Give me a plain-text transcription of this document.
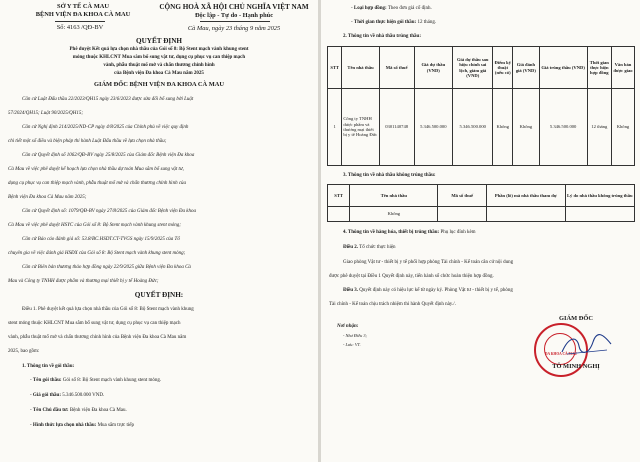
SỞ Y TẾ CÀ MAU
BỆNH VIỆN ĐA KHOA CÀ MAU
Số: 4163 /QĐ-BV
CỘNG HOÀ XÃ HỘI CHỦ NGHĨA VIỆT NAM
Độc lập - Tự do - Hạnh phúc
Cà Mau, ngày 23 tháng 9 năm 2025
QUYẾT ĐỊNH
Phê duyệt Kết quả lựa chọn nhà thầu của Gói số 8: Bộ Stent mạch vành khung stent
mỏng thuộc KHLCNT Mua sắm bổ sung vật tư, dụng cụ phục vụ can thiệp mạch
vành, phẫu thuật mổ mở và chấn thương chỉnh hình
của Bệnh viện Đa khoa Cà Mau năm 2025
GIÁM ĐỐC BỆNH VIỆN ĐA KHOA CÀ MAU
Căn cứ Luật Đấu thầu 22/2023/QH15 ngày 23/6/2023 được sửa đổi bổ sung bởi Luật
57/2024/QH15; Luật 90/2025/QH15;
Căn cứ Nghị định 214/2025/ND-CP ngày 4/8/2025 của Chính phủ về việc quy định
chi tiết một số điều và biện pháp thi hành Luật Đấu thầu về lựa chọn nhà thầu;
Căn cứ Quyết định số 1062/QĐ-BV ngày 25/8/2025 của Giám đốc Bệnh viện Đa khoa
Cà Mau về việc phê duyệt kế hoạch lựa chọn nhà thầu dự toán Mua sắm bổ sung vật tư,
dụng cụ phục vụ can thiệp mạch vành, phẫu thuật mổ mở và chấn thương chỉnh hình của
Bệnh viện Đa khoa Cà Mau năm 2025;
Căn cứ Quyết định số: 1079/QĐ-BV ngày 27/8/2025 của Giám đốc Bệnh viện Đa khoa
Cà Mau về việc phê duyệt HSYC của Gói số 8: Bộ Stent mạch vành khung stent mỏng;
Căn cứ Báo cáo đánh giá số: 53.8/BC.HSDT.CT-TVGS ngày 15/9/2025 của Tổ
chuyên gia về việc đánh giá HSĐX của Gói số 8: Bộ Stent mạch vành khung stent mỏng;
Căn cứ Biên bản thương thảo hợp đồng ngày 22/9/2025 giữa Bệnh viện Đa khoa Cà
Mau và Công ty TNHH được phẩm và thương mại thiết bị y tế Hoàng Đức;
QUYẾT ĐỊNH:
Điều 1. Phê duyệt kết quả lựa chọn nhà thầu của Gói số 8: Bộ Stent mạch vành khung
stent mỏng thuộc KHLCNT Mua sắm bổ sung vật tư, dụng cụ phục vụ can thiệp mạch
vành, phẫu thuật mổ mở và chấn thương chỉnh hình của Bệnh viện Đa khoa Cà Mau năm
2025, bao gồm:
1. Thông tin về gói thầu:
- Tên gói thầu: Gói số 8: Bộ Stent mạch vành khung stent mỏng.
- Giá gói thầu: 5.346.500.000 VND.
- Tên Chủ đầu tư: Bệnh viện Đa khoa Cà Mau.
- Hình thức lựa chọn nhà thầu: Mua sắm trực tiếp
- Loại hợp đồng: Theo đơn giá cố định.
- Thời gian thực hiện gói thầu: 12 tháng.
2. Thông tin về nhà thầu trúng thầu:
STT	Tên nhà thầu	Mã số thuế	Giá dự thầu (VND)	Giá dự thầu sau hiệu chỉnh sai lệch, giảm giá (VND)	Điểm kỹ thuật (nếu có)	Giá đánh giá (VND)	Giá trúng thầu (VND)	Thời gian thực hiện hợp đồng	Văn bản được giao
1	Công ty TNHH dược phẩm và thương mại thiết bị y tế Hoàng Đức	0301140748	5.346.500.000	5.346.500.000	Không	Không	5.346.500.000	12 tháng	Không
3. Thông tin về nhà thầu không trúng thầu:
STT	Tên nhà thầu	Mã số thuế	Phần (lô) mà nhà thầu tham dự	Lý do nhà thầu không trúng thầu
	Không			
4. Thông tin về hàng hóa, thiết bị trúng thầu: Phụ lục đính kèm
Điều 2. Tổ chức thực hiện
Giao phòng Vật tư - thiết bị y tế phối hợp phòng Tài chính - Kế toán căn cứ nội dung
được phê duyệt tại Điều 1 Quyết định này, tiến hành số chức hoàn thiện hợp đồng.
Điều 3. Quyết định này có hiệu lực kể từ ngày ký. Phòng Vật tư - thiết bị y tế, phòng
Tài chính - Kế toán chịu trách nhiệm thi hành Quyết định này./.
Nơi nhận:
- Như Điều 3;
- Lưu: VT.
GIÁM ĐỐC
ĐA KHOA CÀ MAU
TÔ MINH NGHỊ
